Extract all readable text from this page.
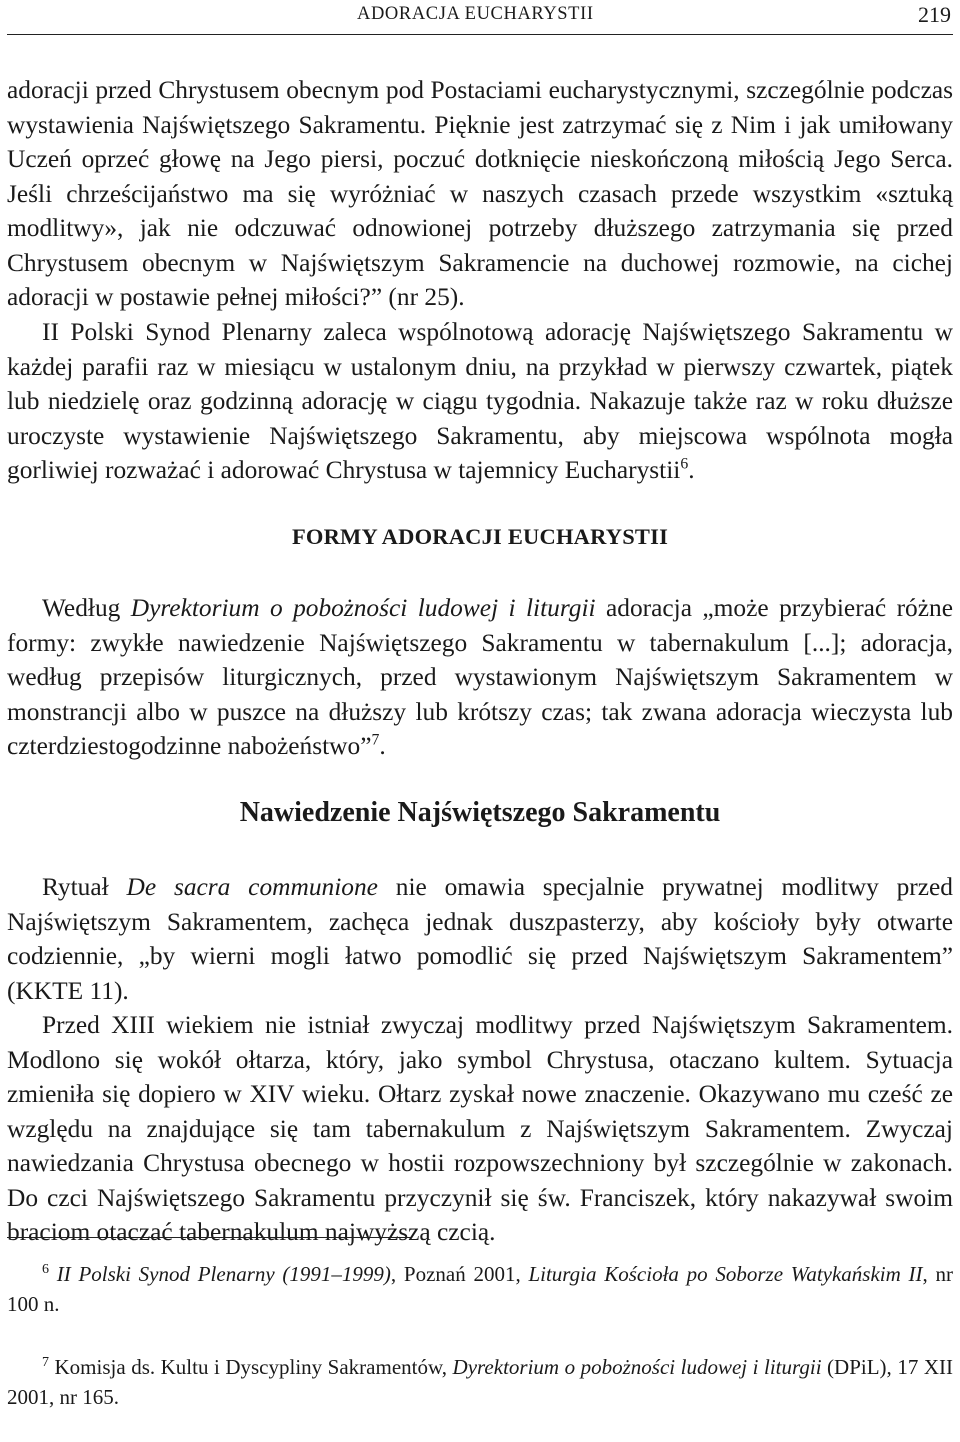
ADORACJA EUCHARYSTII	219

adoracji przed Chrystusem obecnym pod Postaciami eucharystycznymi, szczególnie podczas wystawienia Najświętszego Sakramentu. Pięknie jest zatrzymać się z Nim i jak umiłowany Uczeń oprzeć głowę na Jego piersi, poczuć dotknięcie nieskończoną miłością Jego Serca. Jeśli chrześcijaństwo ma się wyróżniać w naszych czasach przede wszystkim «sztuką modlitwy», jak nie odczuwać odnowionej potrzeby dłuższego zatrzymania się przed Chrystusem obecnym w Najświętszym Sakramencie na duchowej rozmowie, na cichej adoracji w postawie pełnej miłości?” (nr 25).

II Polski Synod Plenarny zaleca wspólnotową adorację Najświętszego Sakramentu w każdej parafii raz w miesiącu w ustalonym dniu, na przykład w pierwszy czwartek, piątek lub niedzielę oraz godzinną adorację w ciągu tygodnia. Nakazuje także raz w roku dłuższe uroczyste wystawienie Najświętszego Sakramentu, aby miejscowa wspólnota mogła gorliwiej rozważać i adorować Chrystusa w tajemnicy Eucharystii$^6$.

FORMY ADORACJI EUCHARYSTII

Według Dyrektorium o pobożności ludowej i liturgii adoracja „może przybierać różne formy: zwykłe nawiedzenie Najświętszego Sakramentu w tabernakulum [...]; adoracja, według przepisów liturgicznych, przed wystawionym Najświętszym Sakramentem w monstrancji albo w puszce na dłuższy lub krótszy czas; tak zwana adoracja wieczysta lub czterdziestogodzinne nabożeństwo”$^7$.

Nawiedzenie Najświętszego Sakramentu

Rytuał De sacra communione nie omawia specjalnie prywatnej modlitwy przed Najświętszym Sakramentem, zachęca jednak duszpasterzy, aby kościoły były otwarte codziennie, „by wierni mogli łatwo pomodlić się przed Najświętszym Sakramentem” (KKTE 11).

Przed XIII wiekiem nie istniał zwyczaj modlitwy przed Najświętszym Sakramentem. Modlono się wokół ołtarza, który, jako symbol Chrystusa, otaczano kultem. Sytuacja zmieniła się dopiero w XIV wieku. Ołtarz zyskał nowe znaczenie. Okazywano mu cześć ze względu na znajdujące się tam tabernakulum z Najświętszym Sakramentem. Zwyczaj nawiedzania Chrystusa obecnego w hostii rozpowszechniony był szczególnie w zakonach. Do czci Najświętszego Sakramentu przyczynił się św. Franciszek, który nakazywał swoim braciom otaczać tabernakulum najwyższą czcią.

$^6$ II Polski Synod Plenarny (1991–1999), Poznań 2001, Liturgia Kościoła po Soborze Watykańskim II, nr 100 n.

$^7$ Komisja ds. Kultu i Dyscypliny Sakramentów, Dyrektorium o pobożności ludowej i liturgii (DPiL), 17 XII 2001, nr 165.
